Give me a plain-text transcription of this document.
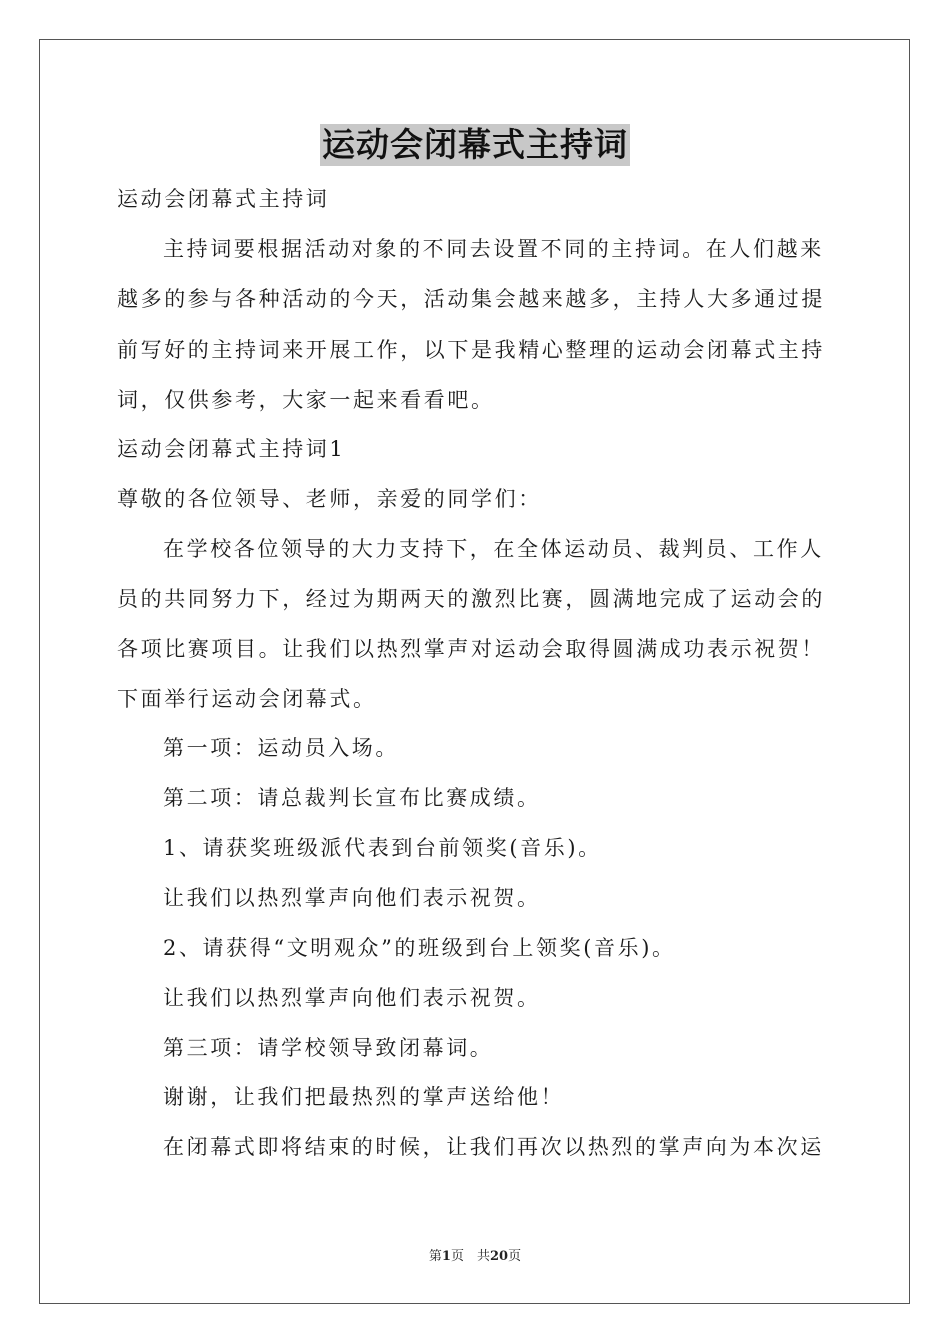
运动会闭幕式主持词
运动会闭幕式主持词
主持词要根据活动对象的不同去设置不同的主持词。在人们越来
越多的参与各种活动的今天，活动集会越来越多，主持人大多通过提
前写好的主持词来开展工作，以下是我精心整理的运动会闭幕式主持
词，仅供参考，大家一起来看看吧。
运动会闭幕式主持词1
尊敬的各位领导、老师，亲爱的同学们：
在学校各位领导的大力支持下，在全体运动员、裁判员、工作人
员的共同努力下，经过为期两天的激烈比赛，圆满地完成了运动会的
各项比赛项目。让我们以热烈掌声对运动会取得圆满成功表示祝贺！
下面举行运动会闭幕式。
第一项：运动员入场。
第二项：请总裁判长宣布比赛成绩。
1、请获奖班级派代表到台前领奖(音乐)。
让我们以热烈掌声向他们表示祝贺。
2、请获得“文明观众”的班级到台上领奖(音乐)。
让我们以热烈掌声向他们表示祝贺。
第三项：请学校领导致闭幕词。
谢谢，让我们把最热烈的掌声送给他！
在闭幕式即将结束的时候，让我们再次以热烈的掌声向为本次运
第1页　共20页
